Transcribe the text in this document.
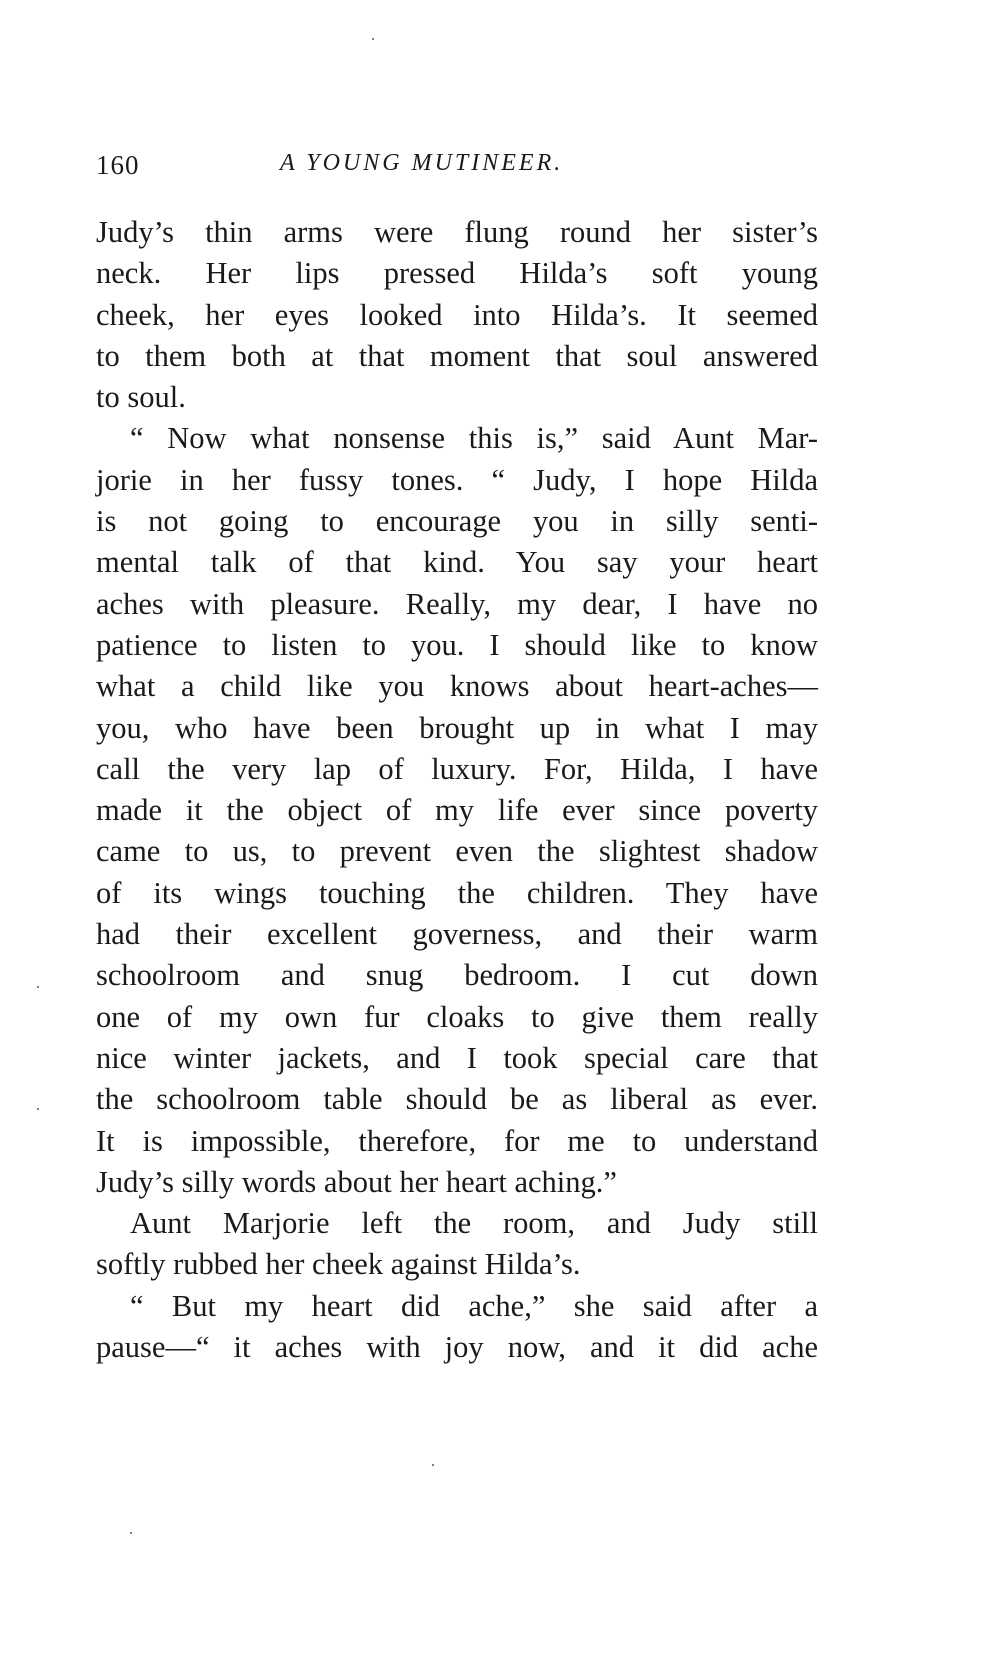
160	A YOUNG MUTINEER.
Judy’s thin arms were flung round her sister’s
neck. Her lips pressed Hilda’s soft young
cheek, her eyes looked into Hilda’s. It seemed
to them both at that moment that soul answered
to soul.
“ Now what nonsense this is,” said Aunt Mar-
jorie in her fussy tones. “ Judy, I hope Hilda
is not going to encourage you in silly senti-
mental talk of that kind. You say your heart
aches with pleasure. Really, my dear, I have no
patience to listen to you. I should like to know
what a child like you knows about heart-aches—
you, who have been brought up in what I may
call the very lap of luxury. For, Hilda, I have
made it the object of my life ever since poverty
came to us, to prevent even the slightest shadow
of its wings touching the children. They have
had their excellent governess, and their warm
schoolroom and snug bedroom. I cut down
one of my own fur cloaks to give them really
nice winter jackets, and I took special care that
the schoolroom table should be as liberal as ever.
It is impossible, therefore, for me to understand
Judy’s silly words about her heart aching.”
Aunt Marjorie left the room, and Judy still
softly rubbed her cheek against Hilda’s.
“ But my heart did ache,” she said after a
pause—“ it aches with joy now, and it did ache
